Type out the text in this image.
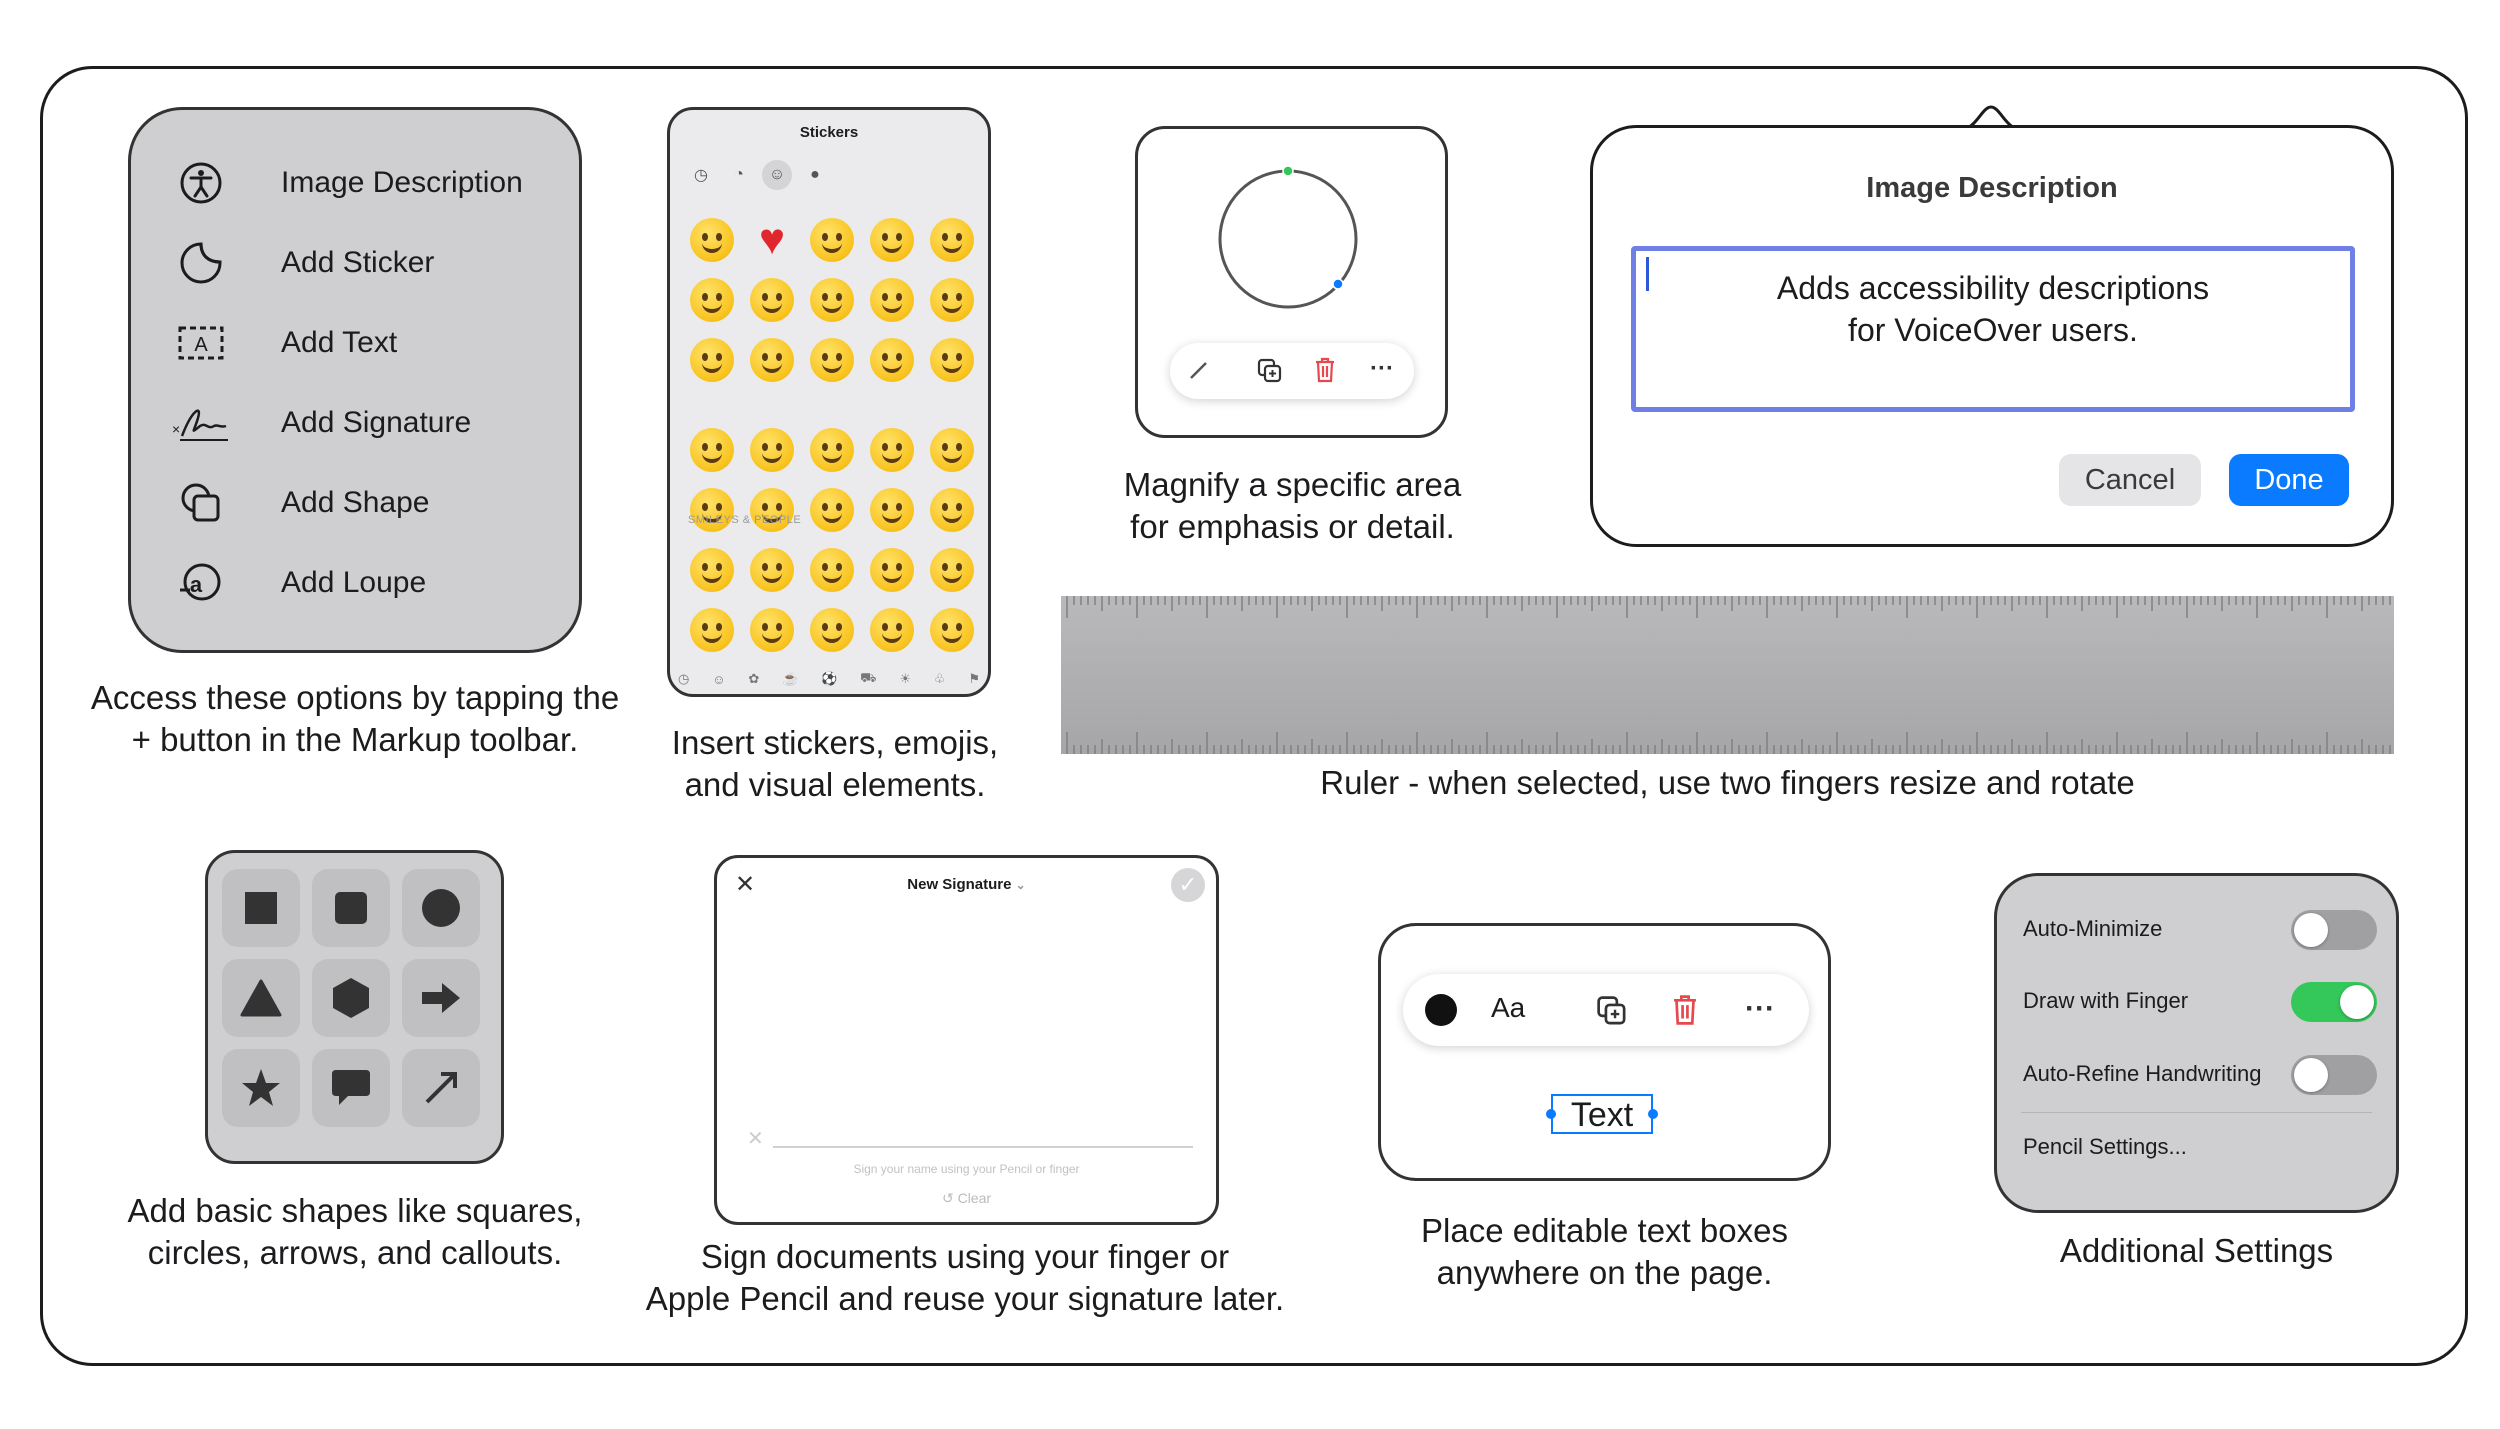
Image Description
Add Sticker
A Add Text
×	Add Signature
Add Shape
a	Add Loupe
Access these options by tapping the
+ button in the Markup toolbar.
Stickers
◷	◔	☺	●
♥
SMILEYS & PEOPLE
◷ ☺ ✿ ☕ ⚽ ⛟ ☀ ♧ ⚑
Insert stickers, emojis,
and visual elements.
···
Magnify a specific area
for emphasis or detail.
Image Description
Adds accessibility descriptions
for VoiceOver users.
Cancel	Done
Ruler - when selected, use two fingers resize and rotate
Add basic shapes like squares,
circles, arrows, and callouts.
✕	New Signature ⌄	✓
✕
Sign your name using your Pencil or finger
↺ Clear
Sign documents using your finger or
Apple Pencil and reuse your signature later.
Aa	···
Text
Place editable text boxes
anywhere on the page.
Auto-Minimize
Draw with Finger
Auto-Refine Handwriting
Pencil Settings...
Additional Settings
